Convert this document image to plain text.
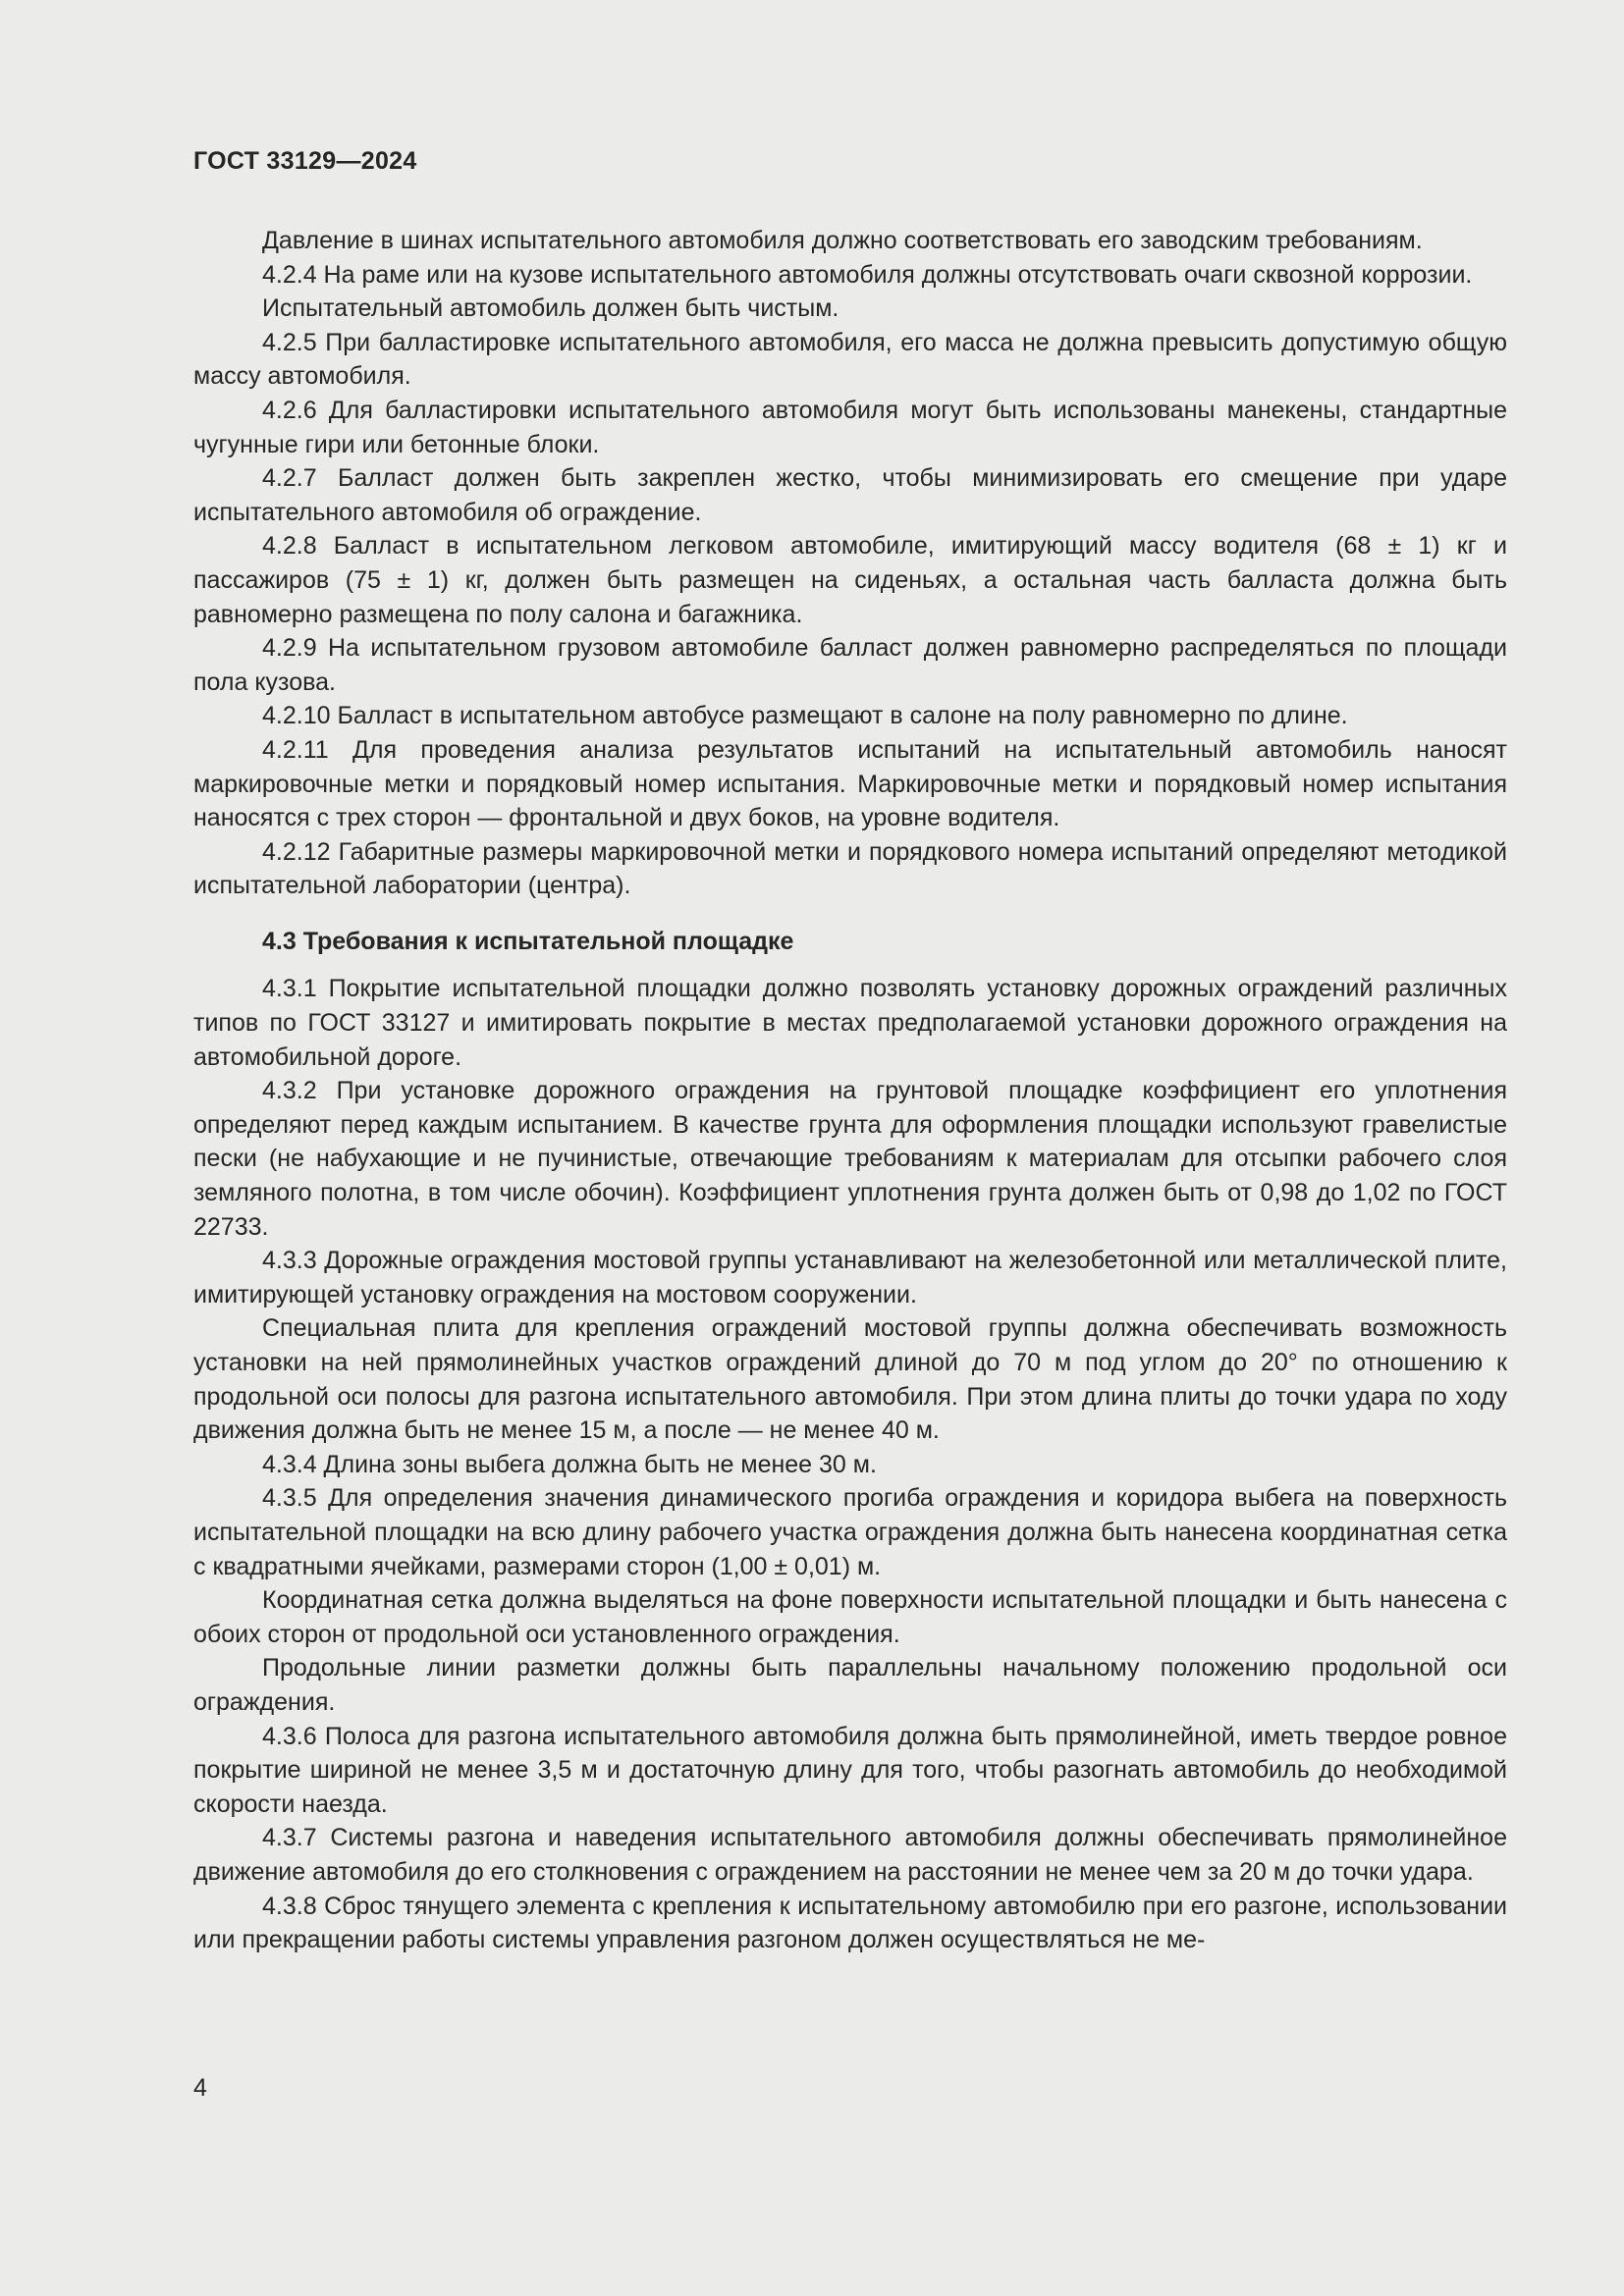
ГОСТ 33129—2024

Давление в шинах испытательного автомобиля должно соответствовать его заводским требованиям.

4.2.4 На раме или на кузове испытательного автомобиля должны отсутствовать очаги сквозной коррозии.

Испытательный автомобиль должен быть чистым.

4.2.5 При балластировке испытательного автомобиля, его масса не должна превысить допустимую общую массу автомобиля.

4.2.6 Для балластировки испытательного автомобиля могут быть использованы манекены, стандартные чугунные гири или бетонные блоки.

4.2.7 Балласт должен быть закреплен жестко, чтобы минимизировать его смещение при ударе испытательного автомобиля об ограждение.

4.2.8 Балласт в испытательном легковом автомобиле, имитирующий массу водителя (68 ± 1) кг и пассажиров (75 ± 1) кг, должен быть размещен на сиденьях, а остальная часть балласта должна быть равномерно размещена по полу салона и багажника.

4.2.9 На испытательном грузовом автомобиле балласт должен равномерно распределяться по площади пола кузова.

4.2.10 Балласт в испытательном автобусе размещают в салоне на полу равномерно по длине.

4.2.11 Для проведения анализа результатов испытаний на испытательный автомобиль наносят маркировочные метки и порядковый номер испытания. Маркировочные метки и порядковый номер испытания наносятся с трех сторон — фронтальной и двух боков, на уровне водителя.

4.2.12 Габаритные размеры маркировочной метки и порядкового номера испытаний определяют методикой испытательной лаборатории (центра).

4.3 Требования к испытательной площадке

4.3.1 Покрытие испытательной площадки должно позволять установку дорожных ограждений различных типов по ГОСТ 33127 и имитировать покрытие в местах предполагаемой установки дорожного ограждения на автомобильной дороге.

4.3.2 При установке дорожного ограждения на грунтовой площадке коэффициент его уплотнения определяют перед каждым испытанием. В качестве грунта для оформления площадки используют гравелистые пески (не набухающие и не пучинистые, отвечающие требованиям к материалам для отсыпки рабочего слоя земляного полотна, в том числе обочин). Коэффициент уплотнения грунта должен быть от 0,98 до 1,02 по ГОСТ 22733.

4.3.3 Дорожные ограждения мостовой группы устанавливают на железобетонной или металлической плите, имитирующей установку ограждения на мостовом сооружении.

Специальная плита для крепления ограждений мостовой группы должна обеспечивать возможность установки на ней прямолинейных участков ограждений длиной до 70 м под углом до 20° по отношению к продольной оси полосы для разгона испытательного автомобиля. При этом длина плиты до точки удара по ходу движения должна быть не менее 15 м, а после — не менее 40 м.

4.3.4 Длина зоны выбега должна быть не менее 30 м.

4.3.5 Для определения значения динамического прогиба ограждения и коридора выбега на поверхность испытательной площадки на всю длину рабочего участка ограждения должна быть нанесена координатная сетка с квадратными ячейками, размерами сторон (1,00 ± 0,01) м.

Координатная сетка должна выделяться на фоне поверхности испытательной площадки и быть нанесена с обоих сторон от продольной оси установленного ограждения.

Продольные линии разметки должны быть параллельны начальному положению продольной оси ограждения.

4.3.6 Полоса для разгона испытательного автомобиля должна быть прямолинейной, иметь твердое ровное покрытие шириной не менее 3,5 м и достаточную длину для того, чтобы разогнать автомобиль до необходимой скорости наезда.

4.3.7 Системы разгона и наведения испытательного автомобиля должны обеспечивать прямолинейное движение автомобиля до его столкновения с ограждением на расстоянии не менее чем за 20 м до точки удара.

4.3.8 Сброс тянущего элемента с крепления к испытательному автомобилю при его разгоне, использовании или прекращении работы системы управления разгоном должен осуществляться не ме-

4
